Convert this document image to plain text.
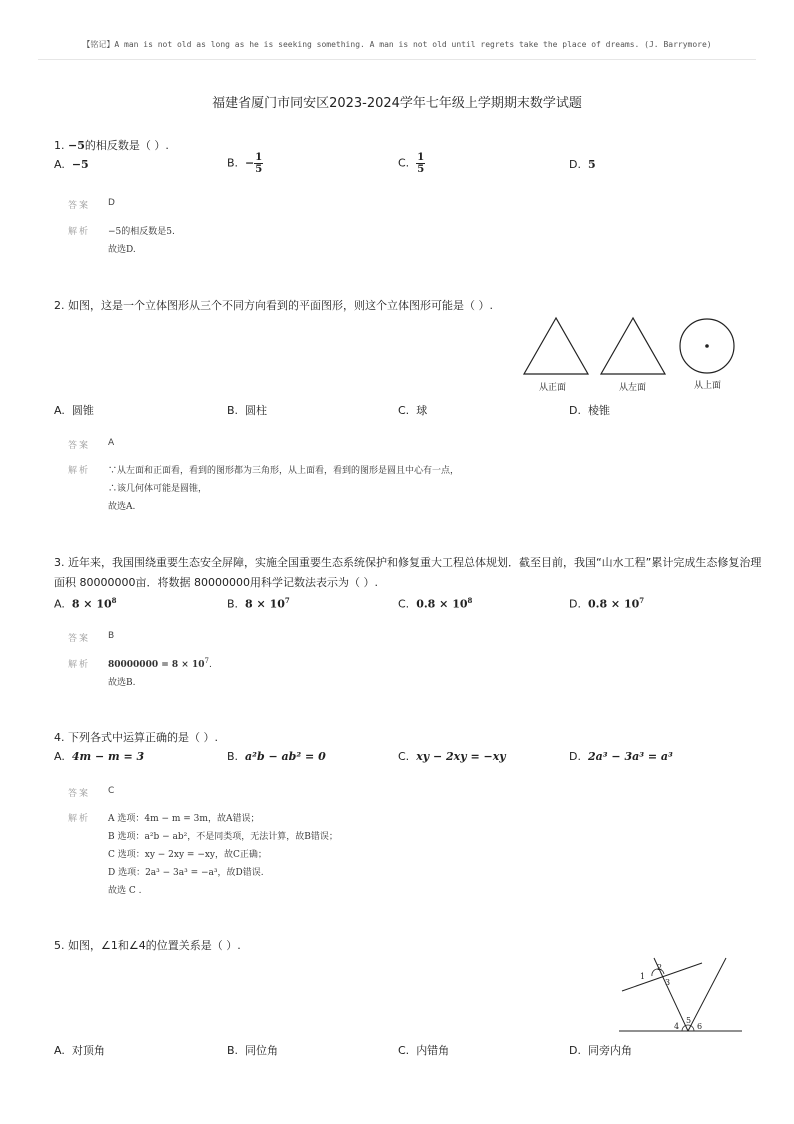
【铭记】A man is not old as long as he is seeking something. A man is not old until regrets take the place of dreams. (J. Barrymore)
福建省厦门市同安区2023-2024学年七年级上学期期末数学试题
1. −5的相反数是（ ）.
A. −5	B. − $\frac{1}{5}$	C. $\frac{1}{5}$	D. 5
答案 D
解析 −5的相反数是5.
故选D.
2. 如图，这是一个立体图形从三个不同方向看到的平面图形，则这个立体图形可能是（ ）.
从正面	从左面	从上面
A. 圆锥	B. 圆柱	C. 球	D. 棱锥
答案 A
解析 ∵从左面和正面看，看到的图形都为三角形，从上面看，看到的图形是圆且中心有一点，
∴该几何体可能是圆锥，
故选A.
3. 近年来，我国围绕重要生态安全屏障，实施全国重要生态系统保护和修复重大工程总体规划．截至目前，我国“山水工程”累计完成生态修复治理
面积 80000000亩．将数据 80000000用科学记数法表示为（ ）.
A. $8 \times 10^8$	B. $8 \times 10^7$	C. $0.8 \times 10^8$	D. $0.8 \times 10^7$
答案 B
解析 $80000000 = 8 \times 10^7$.
故选B.
4. 下列各式中运算正确的是（ ）.
A. 4m − m = 3	B. a²b − ab² = 0	C. xy − 2xy = −xy	D. 2a³ − 3a³ = a³
答案 C
解析 A 选项：4m − m = 3m，故A错误；
B 选项：a²b − ab²，不是同类项，无法计算，故B错误；
C 选项：xy − 2xy = −xy，故C正确；
D 选项：2a³ − 3a³ = −a³，故D错误.
故选 C .
5. 如图，∠1和∠4的位置关系是（ ）.
1
2
3
4
5
6
A. 对顶角	B. 同位角	C. 内错角	D. 同旁内角
